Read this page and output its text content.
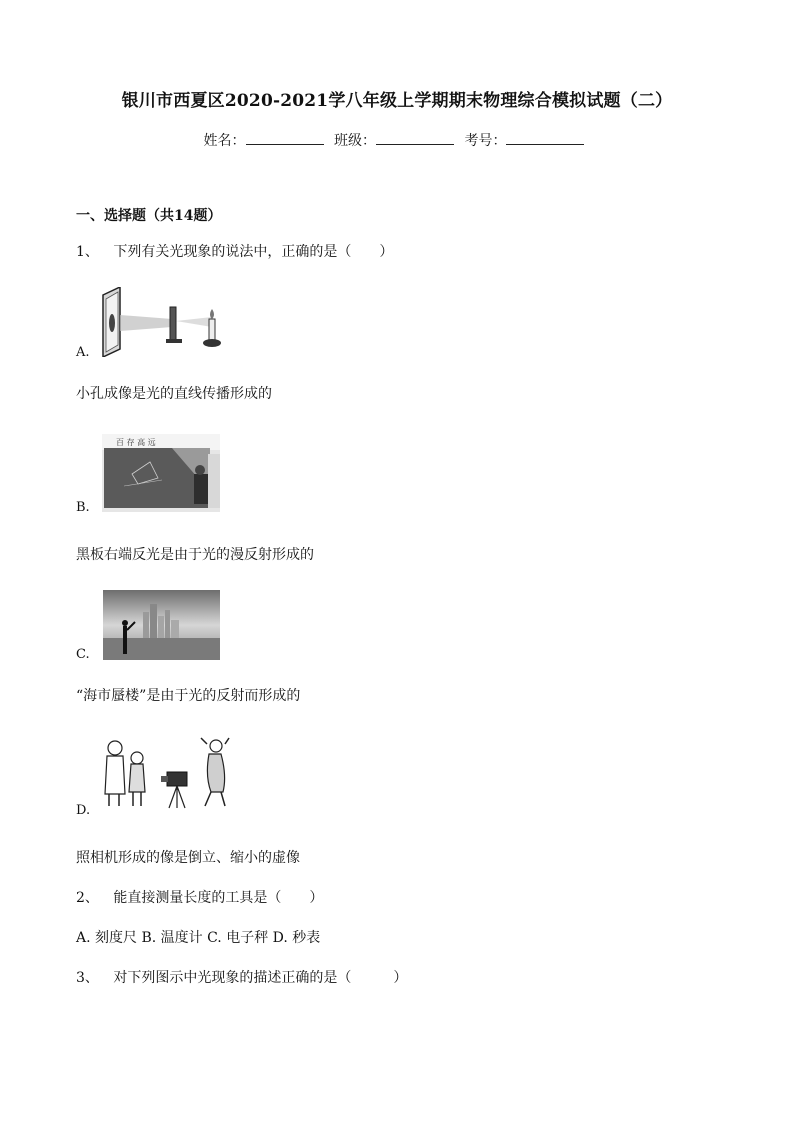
银川市西夏区2020-2021学八年级上学期期末物理综合模拟试题（二）
姓名：	班级：	考号：
一、选择题（共14题）
1、 下列有关光现象的说法中，正确的是（　　）
A.
小孔成像是光的直线传播形成的
百 存 高 远
B.
黑板右端反光是由于光的漫反射形成的
C.
“海市蜃楼”是由于光的反射而形成的
D.
照相机形成的像是倒立、缩小的虚像
2、 能直接测量长度的工具是（　　）
A. 刻度尺 B. 温度计 C. 电子秤 D. 秒表
3、 对下列图示中光现象的描述正确的是（　　　）
